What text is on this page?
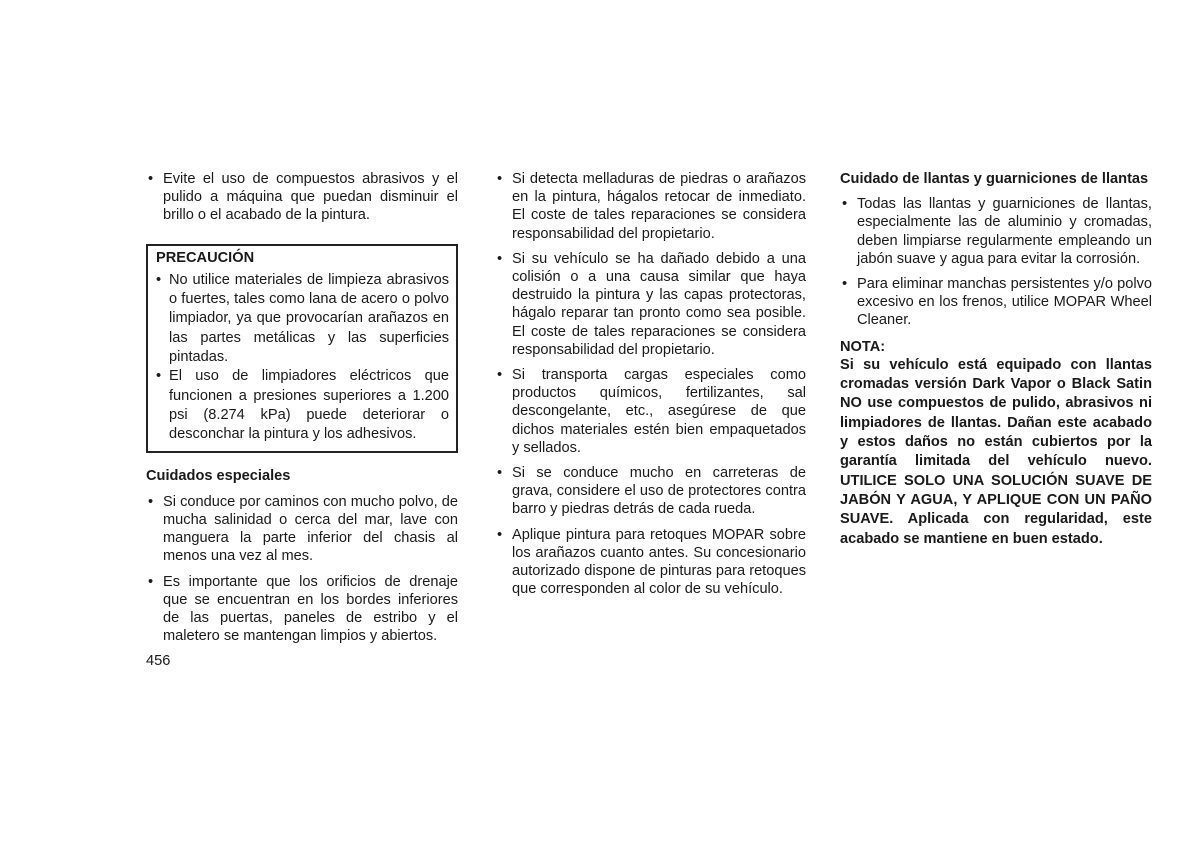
• Evite el uso de compuestos abrasivos y el pulido a máquina que puedan disminuir el brillo o el acabado de la pintura.
PRECAUCIÓN
• No utilice materiales de limpieza abrasivos o fuertes, tales como lana de acero o polvo limpiador, ya que provocarían arañazos en las partes metálicas y las superficies pintadas.
• El uso de limpiadores eléctricos que funcionen a presiones superiores a 1.200 psi (8.274 kPa) puede deteriorar o desconchar la pintura y los adhesivos.
Cuidados especiales
• Si conduce por caminos con mucho polvo, de mucha salinidad o cerca del mar, lave con manguera la parte inferior del chasis al menos una vez al mes.
• Es importante que los orificios de drenaje que se encuentran en los bordes inferiores de las puertas, paneles de estribo y el maletero se mantengan limpios y abiertos.
• Si detecta melladuras de piedras o arañazos en la pintura, hágalos retocar de inmediato. El coste de tales reparaciones se considera responsabilidad del propietario.
• Si su vehículo se ha dañado debido a una colisión o a una causa similar que haya destruido la pintura y las capas protectoras, hágalo reparar tan pronto como sea posible. El coste de tales reparaciones se considera responsabilidad del propietario.
• Si transporta cargas especiales como productos químicos, fertilizantes, sal descongelante, etc., asegúrese de que dichos materiales estén bien empaquetados y sellados.
• Si se conduce mucho en carreteras de grava, considere el uso de protectores contra barro y piedras detrás de cada rueda.
• Aplique pintura para retoques MOPAR sobre los arañazos cuanto antes. Su concesionario autorizado dispone de pinturas para retoques que corresponden al color de su vehículo.
Cuidado de llantas y guarniciones de llantas
• Todas las llantas y guarniciones de llantas, especialmente las de aluminio y cromadas, deben limpiarse regularmente empleando un jabón suave y agua para evitar la corrosión.
• Para eliminar manchas persistentes y/o polvo excesivo en los frenos, utilice MOPAR Wheel Cleaner.
NOTA:
Si su vehículo está equipado con llantas cromadas versión Dark Vapor o Black Satin NO use compuestos de pulido, abrasivos ni limpiadores de llantas. Dañan este acabado y estos daños no están cubiertos por la garantía limitada del vehículo nuevo. UTILICE SOLO UNA SOLUCIÓN SUAVE DE JABÓN Y AGUA, Y APLIQUE CON UN PAÑO SUAVE. Aplicada con regularidad, este acabado se mantiene en buen estado.
456
